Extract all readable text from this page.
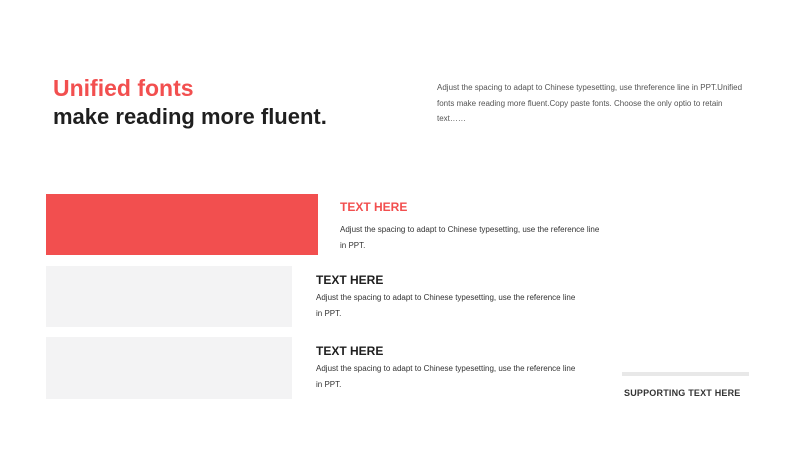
Unified fonts
make reading more fluent.
Adjust the spacing to adapt to Chinese typesetting, use threference line in PPT.Unified fonts make reading more fluent.Copy paste fonts. Choose the only optio to retain text……
TEXT HERE
Adjust the spacing to adapt to Chinese typesetting, use the reference line in PPT.
TEXT HERE
Adjust the spacing to adapt to Chinese typesetting, use the reference line in PPT.
TEXT HERE
Adjust the spacing to adapt to Chinese typesetting, use the reference line in PPT.
SUPPORTING TEXT HERE
